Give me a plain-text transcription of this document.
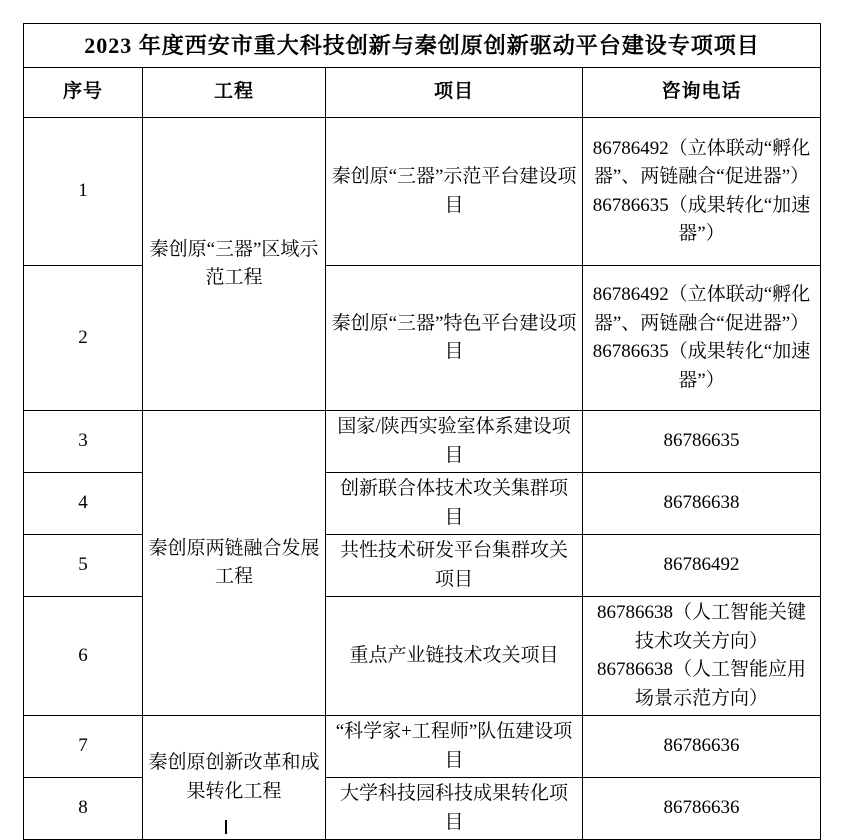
2023 年度西安市重大科技创新与秦创原创新驱动平台建设专项项目			
序号	工程	项目	咨询电话
1	秦创原“三器”区域示范工程	秦创原“三器”示范平台建设项目	86786492（立体联动“孵化器”、两链融合“促进器”）
86786635（成果转化“加速器”）

2		秦创原“三器”特色平台建设项目	86786492（立体联动“孵化器”、两链融合“促进器”）
86786635（成果转化“加速器”）

3	秦创原两链融合发展工程	国家/陕西实验室体系建设项目	86786635
4		创新联合体技术攻关集群项目	86786638
5		共性技术研发平台集群攻关项目	86786492
6		重点产业链技术攻关项目	86786638（人工智能关键技术攻关方向）
86786638（人工智能应用场景示范方向）

7	秦创原创新改革和成果转化工程	“科学家+工程师”队伍建设项目	86786636
8		大学科技园科技成果转化项目	86786636
